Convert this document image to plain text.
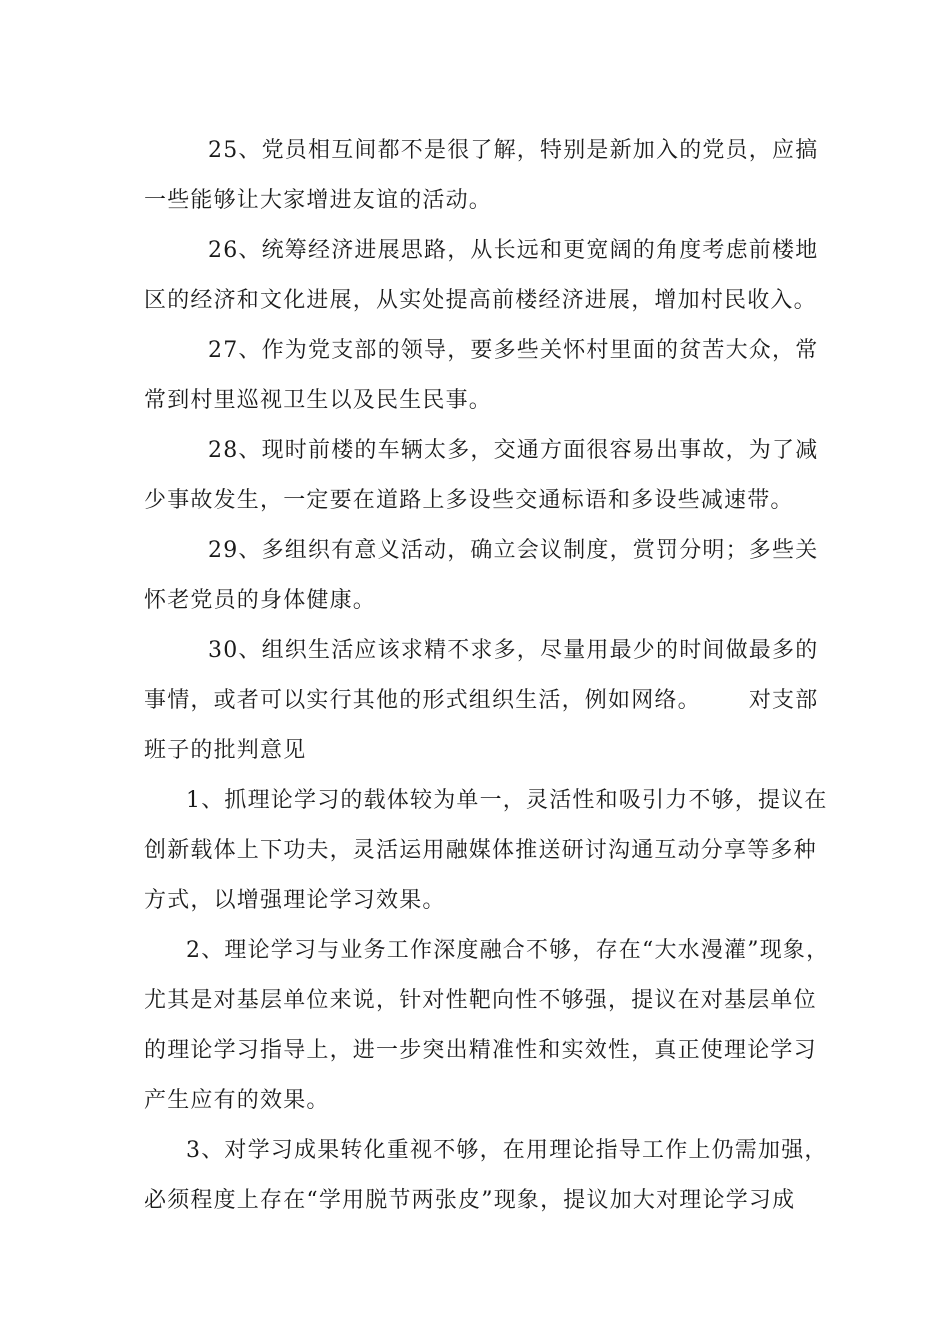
25、党员相互间都不是很了解，特别是新加入的党员，应搞
一些能够让大家增进友谊的活动。
26、统筹经济进展思路，从长远和更宽阔的角度考虑前楼地
区的经济和文化进展，从实处提高前楼经济进展，增加村民收入。
27、作为党支部的领导，要多些关怀村里面的贫苦大众，常
常到村里巡视卫生以及民生民事。
28、现时前楼的车辆太多，交通方面很容易出事故，为了减
少事故发生，一定要在道路上多设些交通标语和多设些减速带。
29、多组织有意义活动，确立会议制度，赏罚分明；多些关
怀老党员的身体健康。
30、组织生活应该求精不求多，尽量用最少的时间做最多的
事情，或者可以实行其他的形式组织生活，例如网络。 对支部
班子的批判意见
1、抓理论学习的载体较为单一，灵活性和吸引力不够，提议在
创新载体上下功夫，灵活运用融媒体推送研讨沟通互动分享等多种
方式，以增强理论学习效果。
2、理论学习与业务工作深度融合不够，存在“大水漫灌”现象，
尤其是对基层单位来说，针对性靶向性不够强，提议在对基层单位
的理论学习指导上，进一步突出精准性和实效性，真正使理论学习
产生应有的效果。
3、对学习成果转化重视不够，在用理论指导工作上仍需加强，
必须程度上存在“学用脱节两张皮”现象，提议加大对理论学习成
